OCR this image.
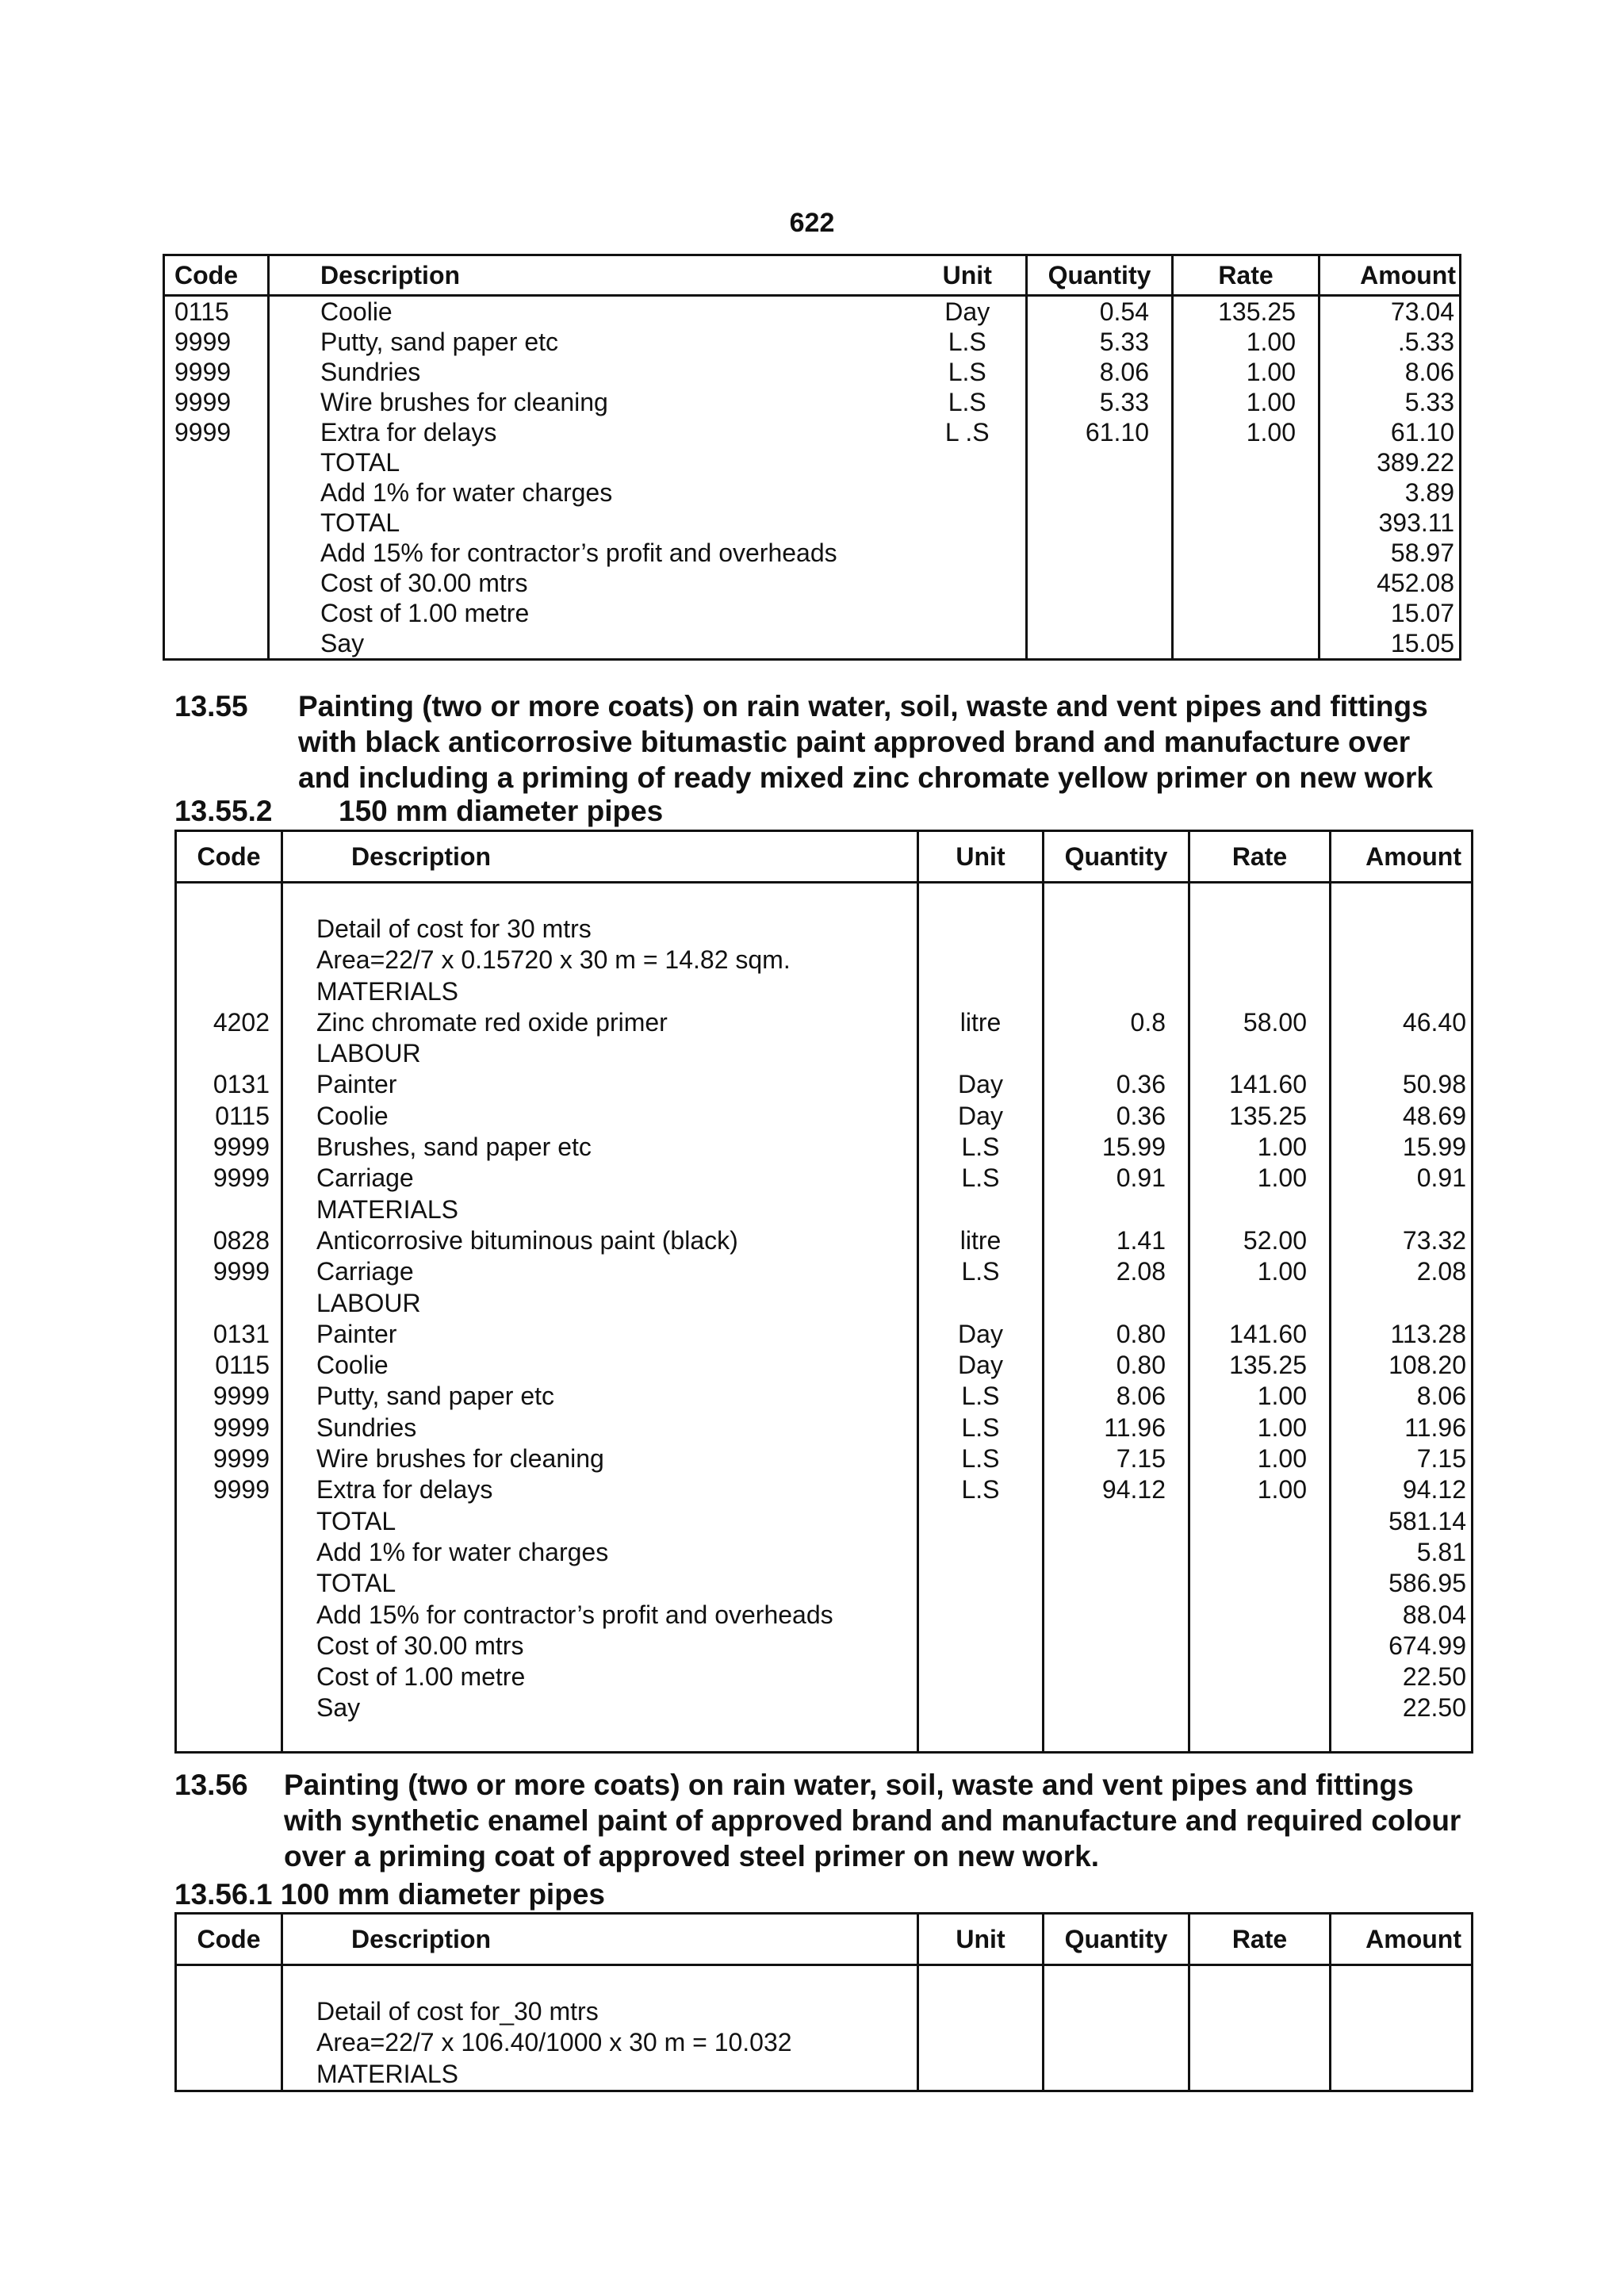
622
Code	Description	Unit	Quantity	Rate	Amount
0115	Coolie	Day	0.54	135.25	73.04
9999	Putty, sand paper etc	L.S	5.33	1.00	.5.33
9999	Sundries	L.S	8.06	1.00	8.06
9999	Wire brushes for cleaning	L.S	5.33	1.00	5.33
9999	Extra for delays	L .S	61.10	1.00	61.10
	TOTAL				389.22
	Add 1% for water charges				3.89
	TOTAL				393.11
	Add 15% for contractor’s profit and overheads				58.97
	Cost of 30.00 mtrs				452.08
	Cost of 1.00 metre				15.07
	Say				15.05
13.55 Painting (two or more coats) on rain water, soil, waste and vent pipes and fittings
with black anticorrosive bitumastic paint approved brand and manufacture over
and including a priming of ready mixed zinc chromate yellow primer on new work
13.55.2 150 mm diameter pipes
Code	Description	Unit	Quantity	Rate	Amount

	Detail of cost for 30 mtrs				
	Area=22/7 x 0.15720 x 30 m = 14.82 sqm.				
	MATERIALS				
4202	Zinc chromate red oxide primer	litre	0.8	58.00	46.40
	LABOUR				
0131	Painter	Day	0.36	141.60	50.98
0115	Coolie	Day	0.36	135.25	48.69
9999	Brushes, sand paper etc	L.S	15.99	1.00	15.99
9999	Carriage	L.S	0.91	1.00	0.91
	MATERIALS				
0828	Anticorrosive bituminous paint (black)	litre	1.41	52.00	73.32
9999	Carriage	L.S	2.08	1.00	2.08
	LABOUR				
0131	Painter	Day	0.80	141.60	113.28
0115	Coolie	Day	0.80	135.25	108.20
9999	Putty, sand paper etc	L.S	8.06	1.00	8.06
9999	Sundries	L.S	11.96	1.00	11.96
9999	Wire brushes for cleaning	L.S	7.15	1.00	7.15
9999	Extra for delays	L.S	94.12	1.00	94.12
	TOTAL				581.14
	Add 1% for water charges				5.81
	TOTAL				586.95
	Add 15% for contractor’s profit and overheads				88.04
	Cost of 30.00 mtrs				674.99
	Cost of 1.00 metre				22.50
	Say				22.50

13.56 Painting (two or more coats) on rain water, soil, waste and vent pipes and fittings
with synthetic enamel paint of approved brand and manufacture and required colour
over a priming coat of approved steel primer on new work.
13.56.1 100 mm diameter pipes
Code	Description	Unit	Quantity	Rate	Amount

	Detail of cost for_30 mtrs				
	Area=22/7 x 106.40/1000 x 30 m = 10.032				
	MATERIALS				
